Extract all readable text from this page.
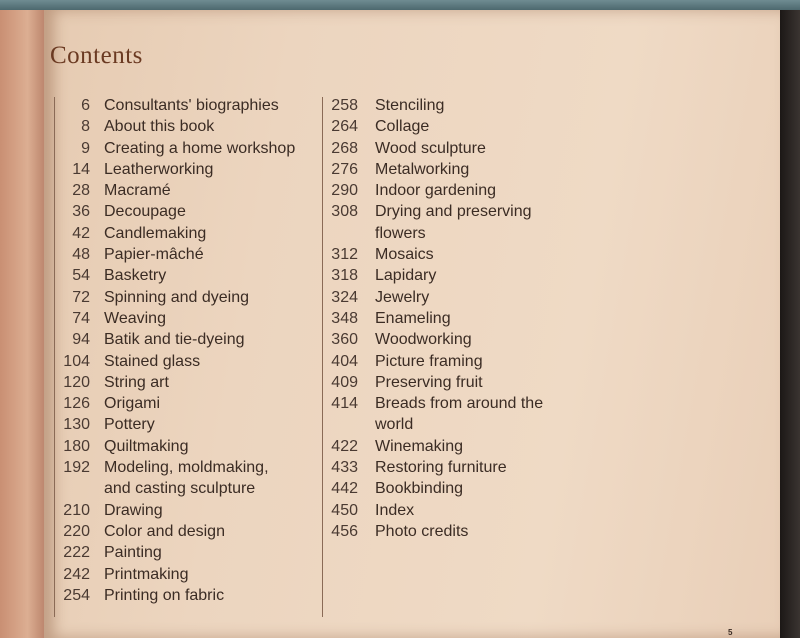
Contents
6 Consultants' biographies
8 About this book
9 Creating a home workshop
14 Leatherworking
28 Macramé
36 Decoupage
42 Candlemaking
48 Papier-mâché
54 Basketry
72 Spinning and dyeing
74 Weaving
94 Batik and tie-dyeing
104 Stained glass
120 String art
126 Origami
130 Pottery
180 Quiltmaking
192 Modeling, moldmaking,
and casting sculpture
210 Drawing
220 Color and design
222 Painting
242 Printmaking
254 Printing on fabric
258	Stenciling
264	Collage
268	Wood sculpture
276	Metalworking
290	Indoor gardening
308	Drying and preserving
flowers
312	Mosaics
318	Lapidary
324	Jewelry
348	Enameling
360	Woodworking
404	Picture framing
409	Preserving fruit
414	Breads from around the
world
422	Winemaking
433	Restoring furniture
442	Bookbinding
450	Index
456	Photo credits
5
